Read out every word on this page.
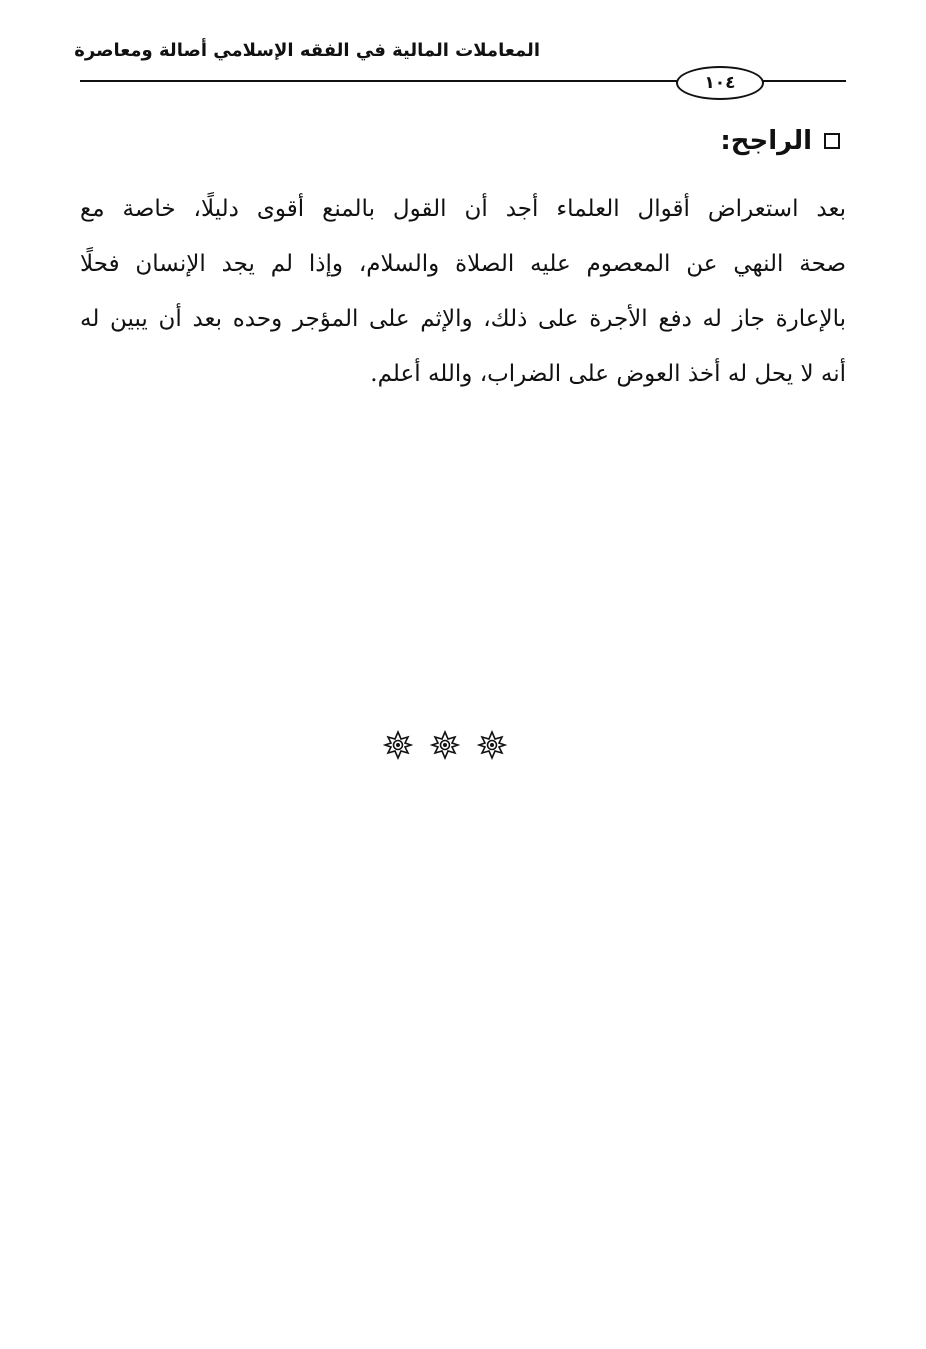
المعاملات المالية في الفقه الإسلامي أصالة ومعاصرة
١٠٤
الراجح:
بعد استعراض أقوال العلماء أجد أن القول بالمنع أقوى دليلًا، خاصة مع
صحة النهي عن المعصوم عليه الصلاة والسلام، وإذا لم يجد الإنسان فحلًا
بالإعارة جاز له دفع الأجرة على ذلك، والإثم على المؤجر وحده بعد أن يبين له
أنه لا يحل له أخذ العوض على الضراب، والله أعلم.
